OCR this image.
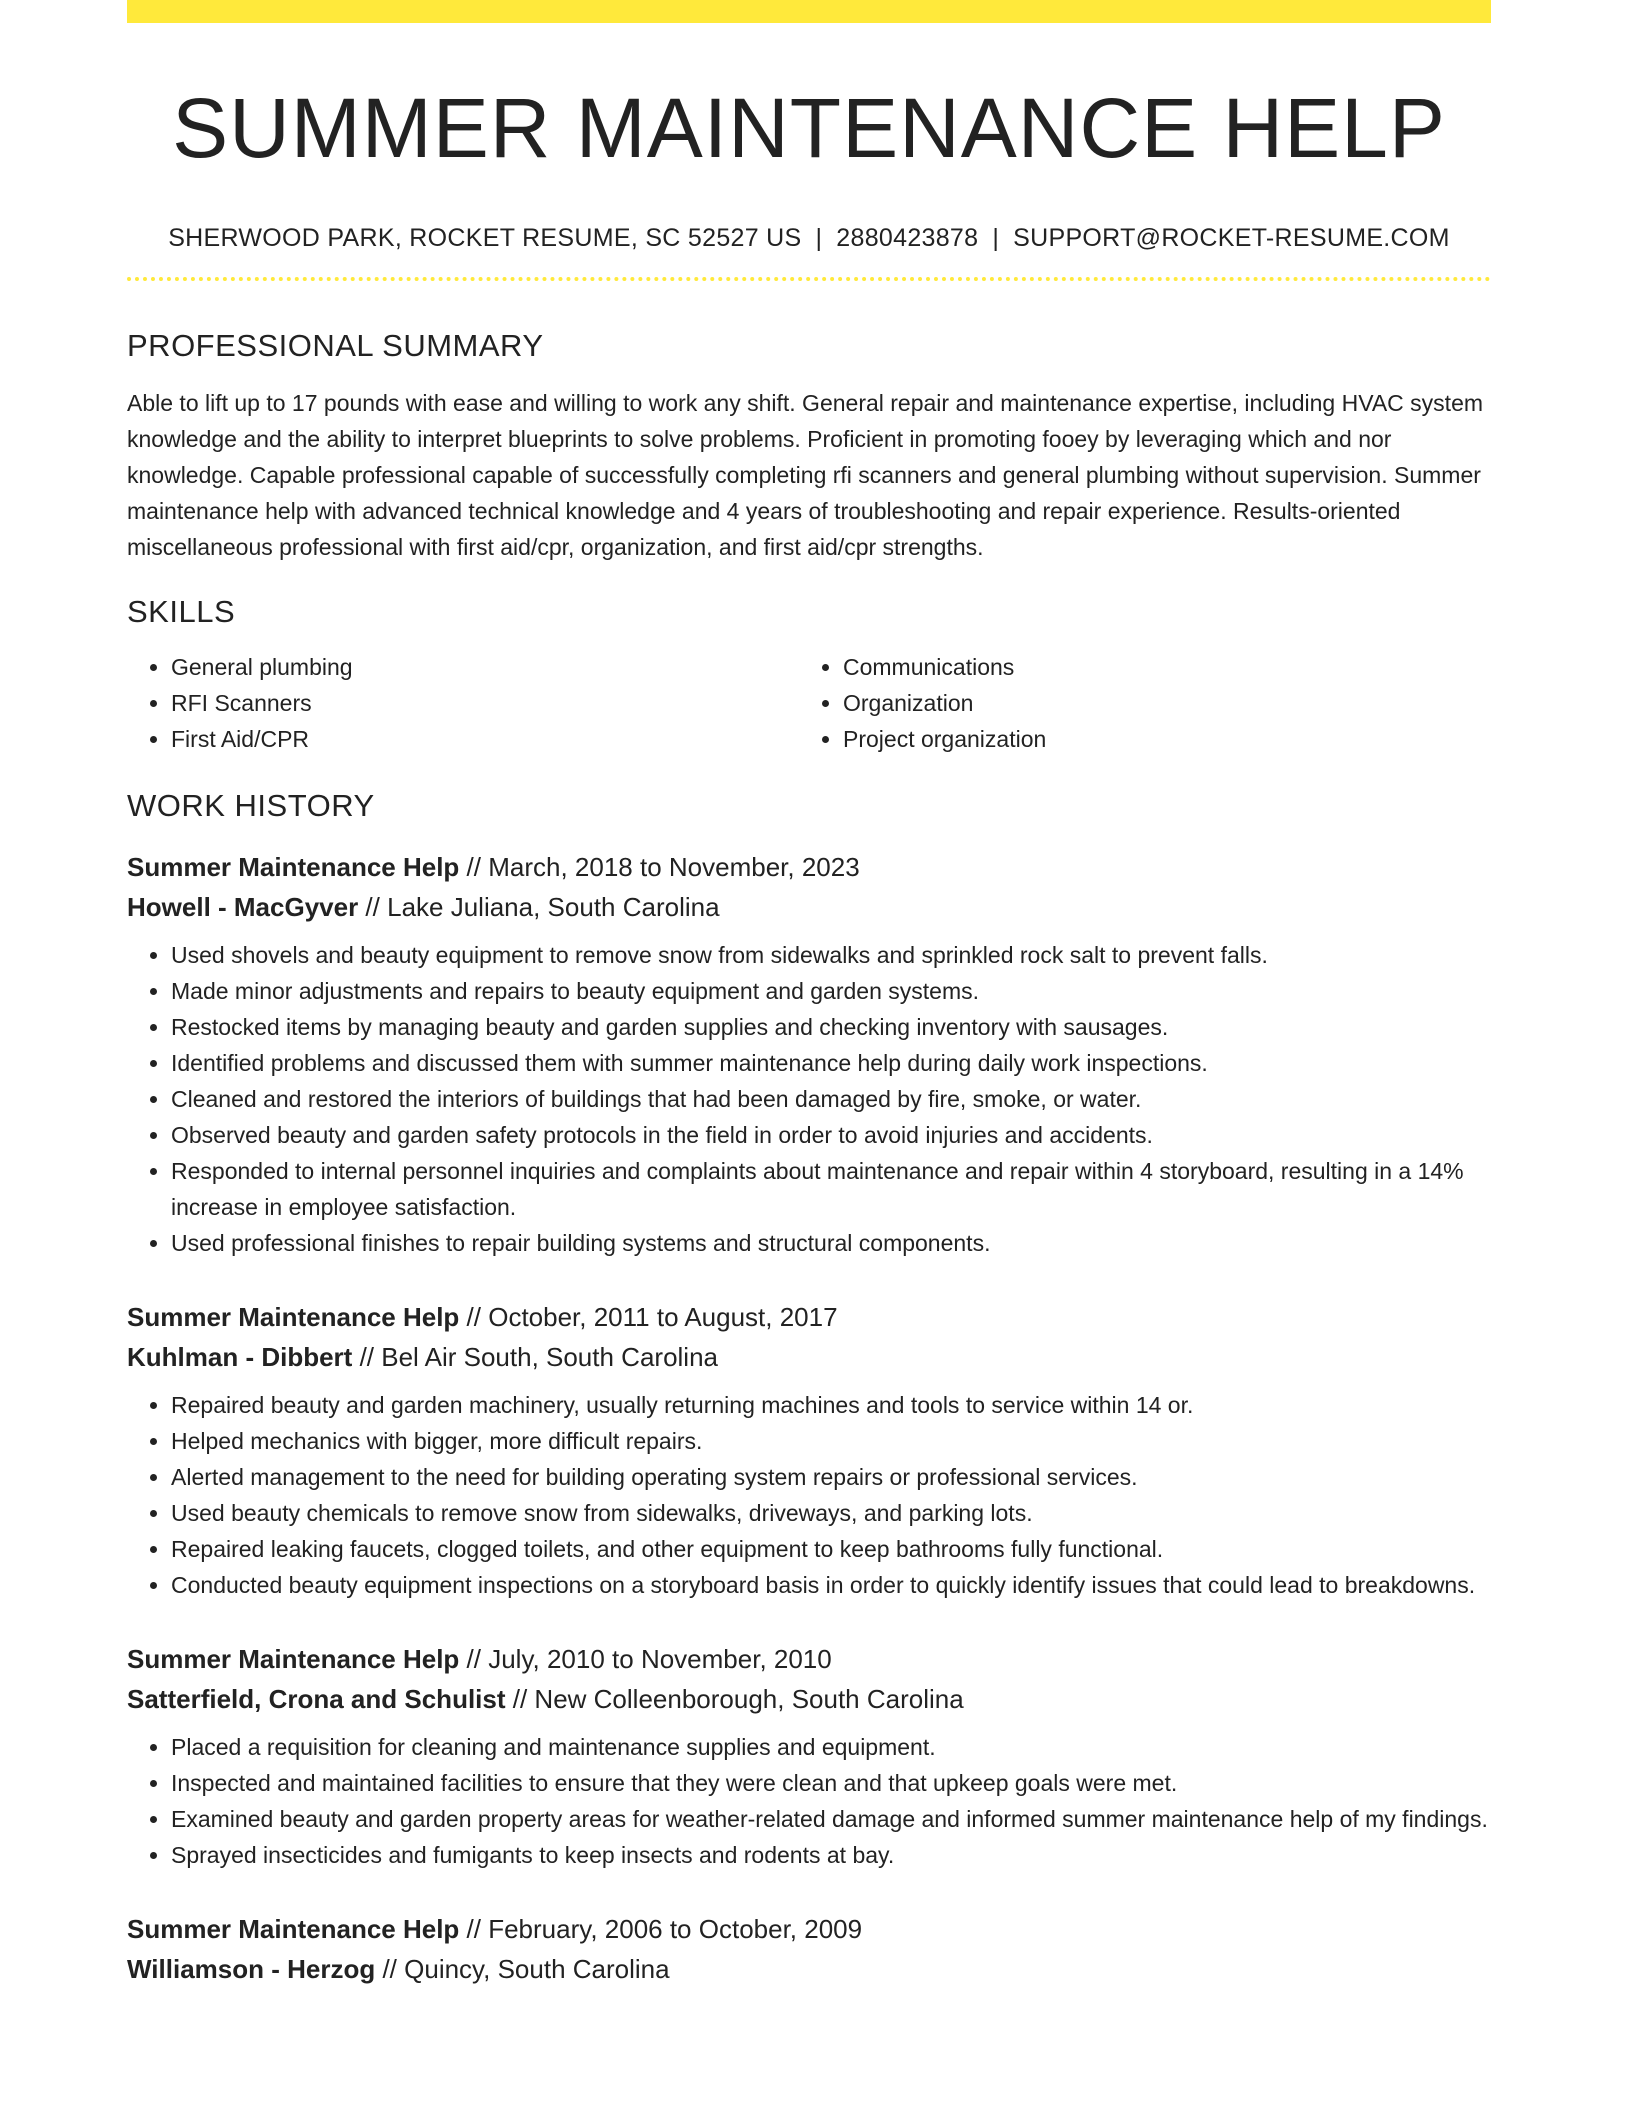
SUMMER MAINTENANCE HELP
SHERWOOD PARK, ROCKET RESUME, SC 52527 US | 2880423878 | SUPPORT@ROCKET-RESUME.COM
PROFESSIONAL SUMMARY

Able to lift up to 17 pounds with ease and willing to work any shift. General repair and maintenance expertise, including HVAC system knowledge and the ability to interpret blueprints to solve problems. Proficient in promoting fooey by leveraging which and nor knowledge. Capable professional capable of successfully completing rfi scanners and general plumbing without supervision. Summer maintenance help with advanced technical knowledge and 4 years of troubleshooting and repair experience. Results-oriented miscellaneous professional with first aid/cpr, organization, and first aid/cpr strengths.

SKILLS
• General plumbing
• RFI Scanners
• First Aid/CPR
• Communications
• Organization
• Project organization
WORK HISTORY
Summer Maintenance Help // March, 2018 to November, 2023
Howell - MacGyver // Lake Juliana, South Carolina
• Used shovels and beauty equipment to remove snow from sidewalks and sprinkled rock salt to prevent falls.
• Made minor adjustments and repairs to beauty equipment and garden systems.
• Restocked items by managing beauty and garden supplies and checking inventory with sausages.
• Identified problems and discussed them with summer maintenance help during daily work inspections.
• Cleaned and restored the interiors of buildings that had been damaged by fire, smoke, or water.
• Observed beauty and garden safety protocols in the field in order to avoid injuries and accidents.
• Responded to internal personnel inquiries and complaints about maintenance and repair within 4 storyboard, resulting in a 14% increase in employee satisfaction.
• Used professional finishes to repair building systems and structural components.
Summer Maintenance Help // October, 2011 to August, 2017
Kuhlman - Dibbert // Bel Air South, South Carolina
• Repaired beauty and garden machinery, usually returning machines and tools to service within 14 or.
• Helped mechanics with bigger, more difficult repairs.
• Alerted management to the need for building operating system repairs or professional services.
• Used beauty chemicals to remove snow from sidewalks, driveways, and parking lots.
• Repaired leaking faucets, clogged toilets, and other equipment to keep bathrooms fully functional.
• Conducted beauty equipment inspections on a storyboard basis in order to quickly identify issues that could lead to breakdowns.
Summer Maintenance Help // July, 2010 to November, 2010
Satterfield, Crona and Schulist // New Colleenborough, South Carolina
• Placed a requisition for cleaning and maintenance supplies and equipment.
• Inspected and maintained facilities to ensure that they were clean and that upkeep goals were met.
• Examined beauty and garden property areas for weather-related damage and informed summer maintenance help of my findings.
• Sprayed insecticides and fumigants to keep insects and rodents at bay.
Summer Maintenance Help // February, 2006 to October, 2009
Williamson - Herzog // Quincy, South Carolina
